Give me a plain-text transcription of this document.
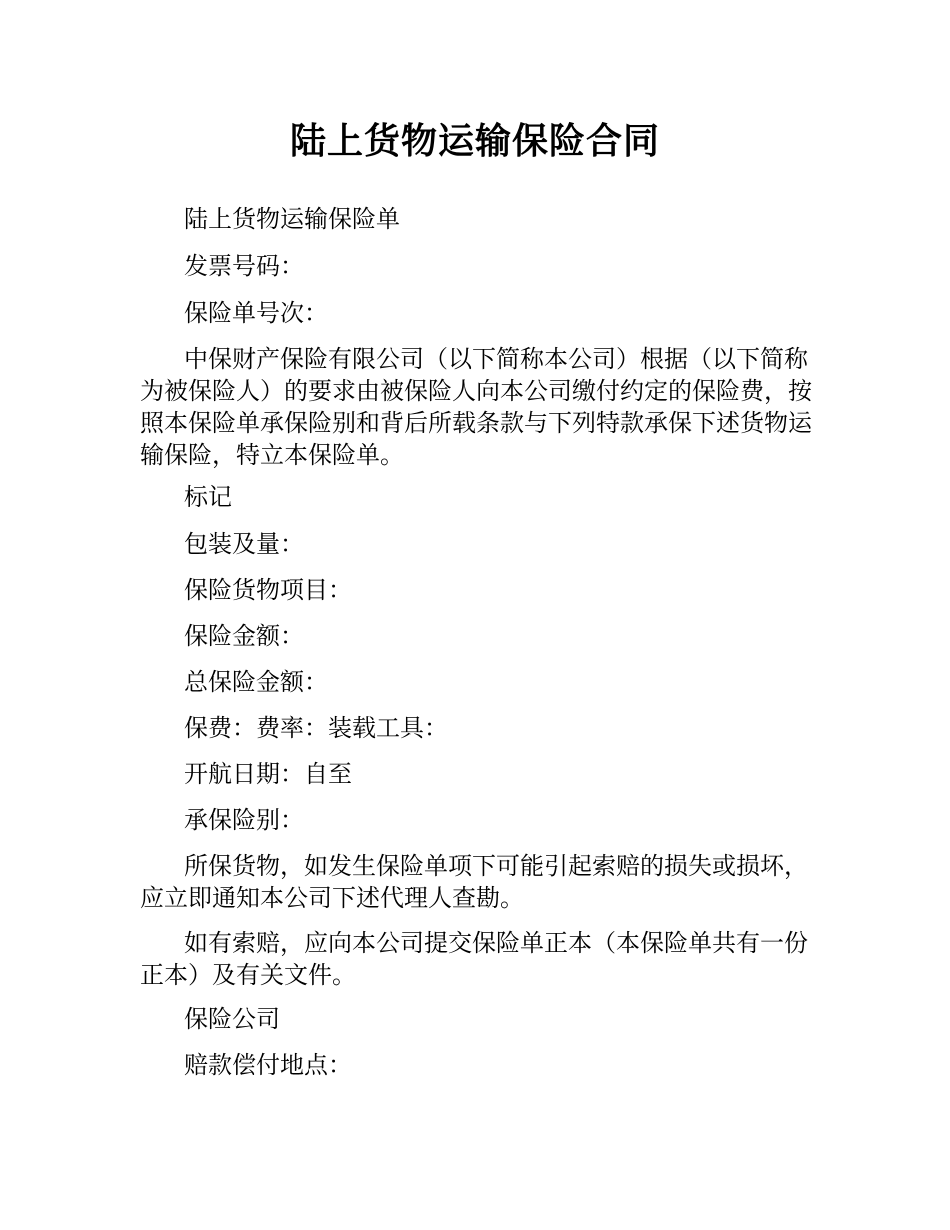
陆上货物运输保险合同

陆上货物运输保险单

发票号码：

保险单号次：

中保财产保险有限公司（以下简称本公司）根据（以下简称为被保险人）的要求由被保险人向本公司缴付约定的保险费，按照本保险单承保险别和背后所载条款与下列特款承保下述货物运输保险，特立本保险单。

标记

包装及量：

保险货物项目：

保险金额：

总保险金额：

保费：费率：装载工具：

开航日期：自至

承保险别：

所保货物，如发生保险单项下可能引起索赔的损失或损坏，应立即通知本公司下述代理人查勘。

如有索赔，应向本公司提交保险单正本（本保险单共有一份正本）及有关文件。

保险公司

赔款偿付地点：
